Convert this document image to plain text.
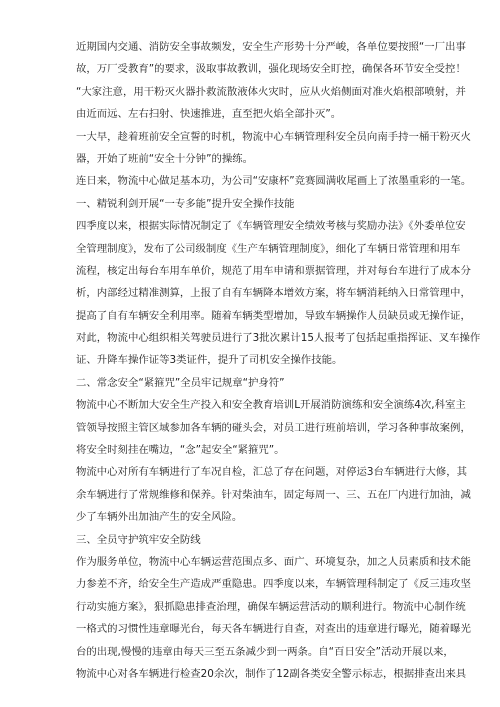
近期国内交通、消防安全事故频发，安全生产形势十分严峻，各单位要按照“一厂出事
故，万厂受教育”的要求，汲取事故教训，强化现场安全盯控，确保各环节安全受控！
“大家注意，用干粉灭火器扑救流散液体火灾时，应从火焰侧面对准火焰根部喷射，并
由近而远、左右扫射、快速推进，直至把火焰全部扑灭”。
一大早，趁着班前安全宣誓的时机，物流中心车辆管理科安全员向南手持一桶干粉灭火
器，开始了班前“安全十分钟”的操练。
连日来，物流中心做足基本功，为公司“安康杯”竞赛圆满收尾画上了浓墨重彩的一笔。
一、精锐利剑开展“一专多能”提升安全操作技能
四季度以来，根据实际情况制定了《车辆管理安全绩效考核与奖励办法》《外委单位安
全管理制度》，发布了公司级制度《生产车辆管理制度》，细化了车辆日常管理和用车
流程，核定出每台车用车单价，规范了用车申请和票据管理，并对每台车进行了成本分
析，内部经过精准测算，上报了自有车辆降本增效方案，将车辆消耗纳入日常管理中，
提高了自有车辆安全利用率。随着车辆类型增加，导致车辆操作人员缺员或无操作证，
对此，物流中心组织相关驾驶员进行了3批次累计15人报考了包括起重指挥证、叉车操作
证、升降车操作证等3类证件，提升了司机安全操作技能。
二、常念安全“紧箍咒”全员牢记规章“护身符”
物流中心不断加大安全生产投入和安全教育培训L开展消防演练和安全演练4次,科室主
管领导按照主管区域参加各车辆的碰头会，对员工进行班前培训，学习各种事故案例，
将安全时刻挂在嘴边，“念”起安全“紧箍咒”。
物流中心对所有车辆进行了车况自检，汇总了存在问题，对停运3台车辆进行大修，其
余车辆进行了常规维修和保养。针对柴油车，固定每周一、三、五在厂内进行加油，减
少了车辆外出加油产生的安全风险。
三、全员守护筑牢安全防线
作为服务单位，物流中心车辆运营范围点多、面广、环境复杂，加之人员素质和技术能
力参差不齐，给安全生产造成严重隐患。四季度以来，车辆管理科制定了《反三违攻坚
行动实施方案》，狠抓隐患排查治理，确保车辆运营活动的顺利进行。物流中心制作统
一格式的习惯性违章曝光台，每天各车辆进行自查，对查出的违章进行曝光，随着曝光
台的出现,慢慢的违章由每天三至五条减少到一两条。自“百日安全”活动开展以来，
物流中心对各车辆进行检查20余次，制作了12副各类安全警示标志，根据排查出来具
